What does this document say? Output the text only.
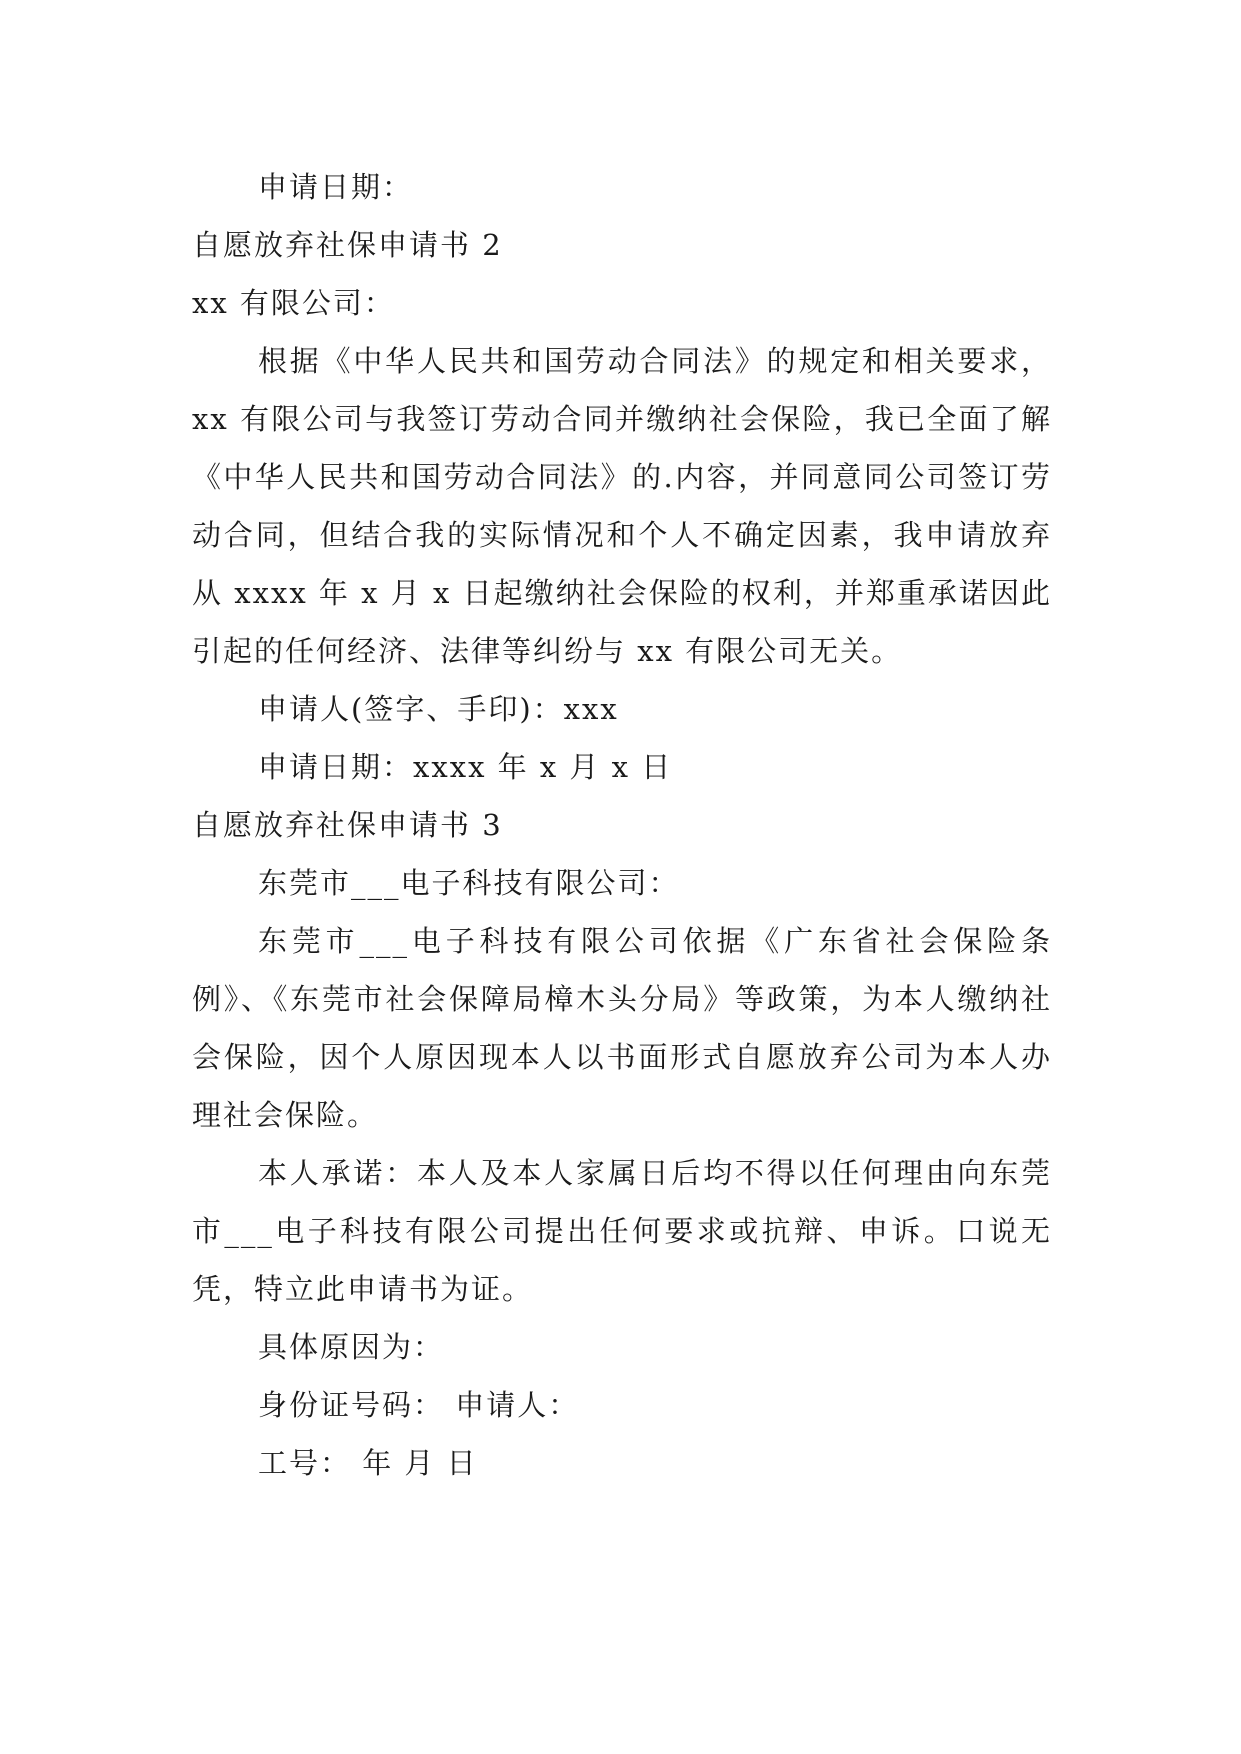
申请日期：

自愿放弃社保申请书 2

xx 有限公司：

根据《中华人民共和国劳动合同法》的规定和相关要求，xx 有限公司与我签订劳动合同并缴纳社会保险，我已全面了解《中华人民共和国劳动合同法》的.内容，并同意同公司签订劳动合同，但结合我的实际情况和个人不确定因素，我申请放弃从 xxxx 年 x 月 x 日起缴纳社会保险的权利，并郑重承诺因此引起的任何经济、法律等纠纷与 xx 有限公司无关。

申请人(签字、手印)：xxx

申请日期：xxxx 年 x 月 x 日

自愿放弃社保申请书 3

东莞市___电子科技有限公司：

东莞市___电子科技有限公司依据《广东省社会保险条例》、《东莞市社会保障局樟木头分局》等政策，为本人缴纳社会保险，因个人原因现本人以书面形式自愿放弃公司为本人办理社会保险。

本人承诺：本人及本人家属日后均不得以任何理由向东莞市___电子科技有限公司提出任何要求或抗辩、申诉。口说无凭，特立此申请书为证。

具体原因为：

身份证号码： 申请人：

工号： 年 月 日
